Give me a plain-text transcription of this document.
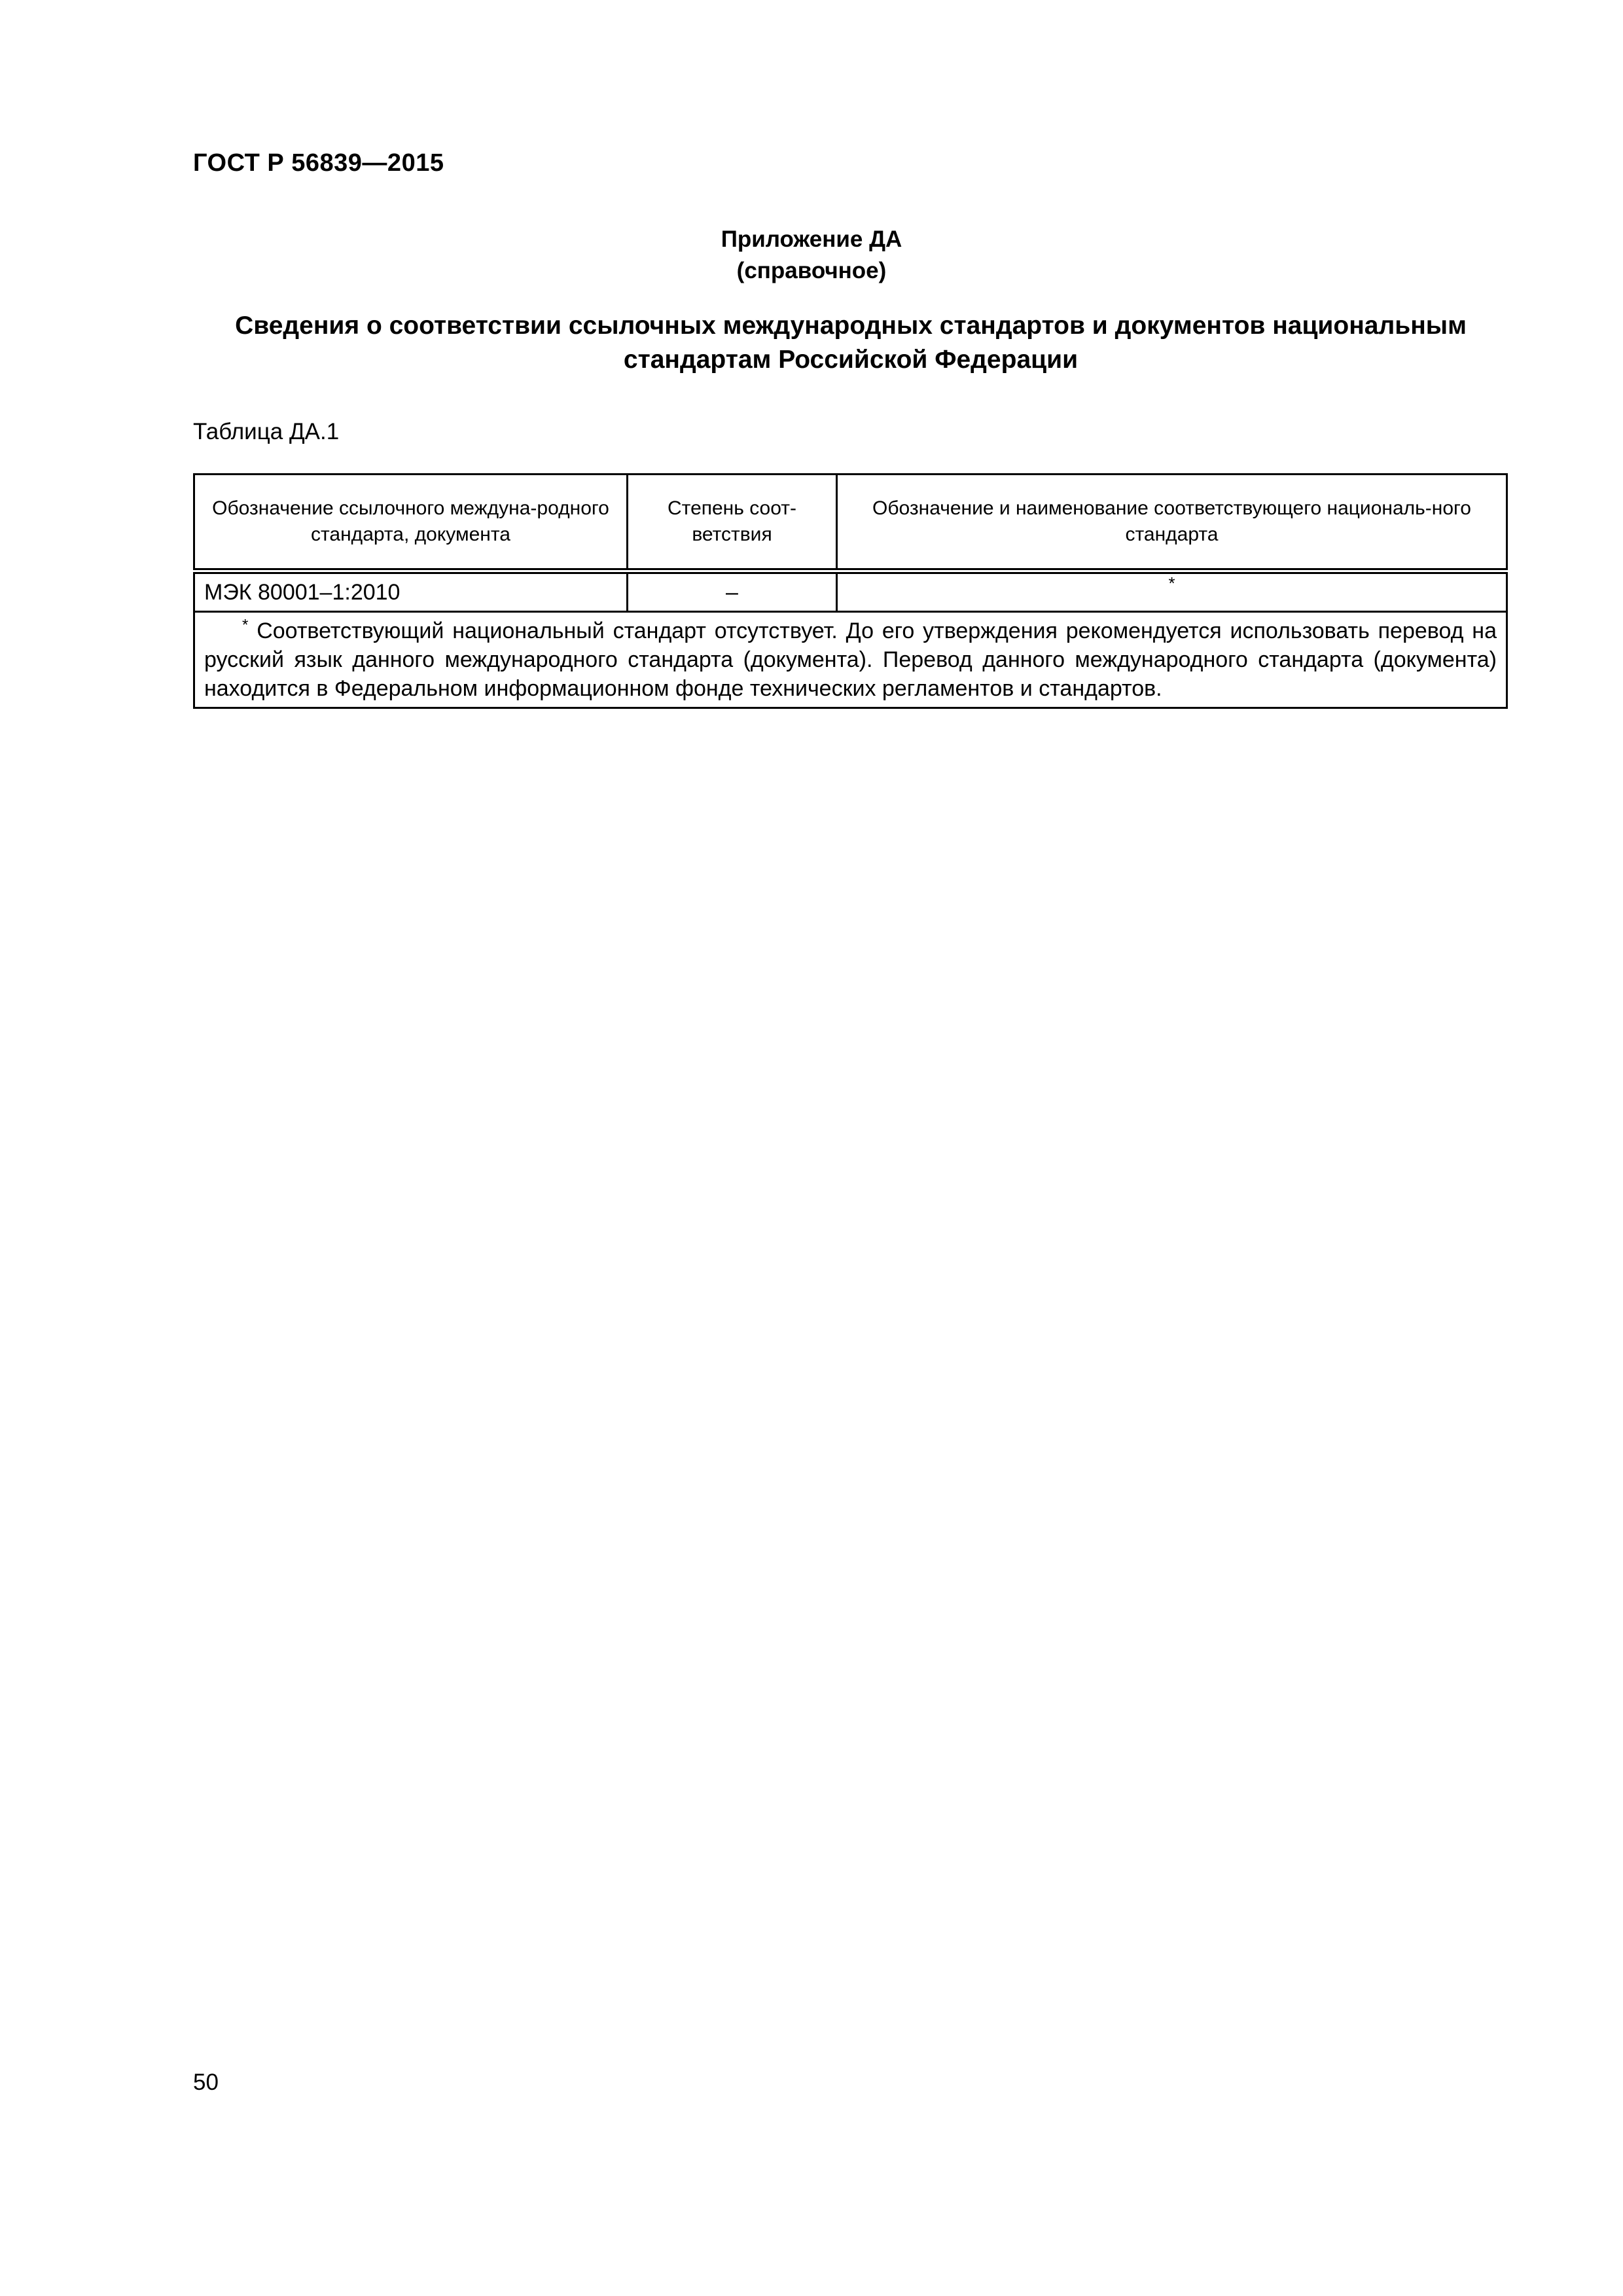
ГОСТ Р 56839—2015
Приложение ДА
(справочное)
Сведения о соответствии ссылочных международных стандартов и документов национальным стандартам Российской Федерации
Таблица ДА.1
Обозначение ссылочного междуна-родного стандарта, документа	Степень соот-ветствия	Обозначение и наименование соответствующего националь-ного стандарта
МЭК 80001–1:2010	–	*
* Соответствующий национальный стандарт отсутствует. До его утверждения рекомендуется использовать перевод на русский язык данного международного стандарта (документа). Перевод данного международного стандарта (документа) находится в Федеральном информационном фонде технических регламентов и стандартов.		
50
